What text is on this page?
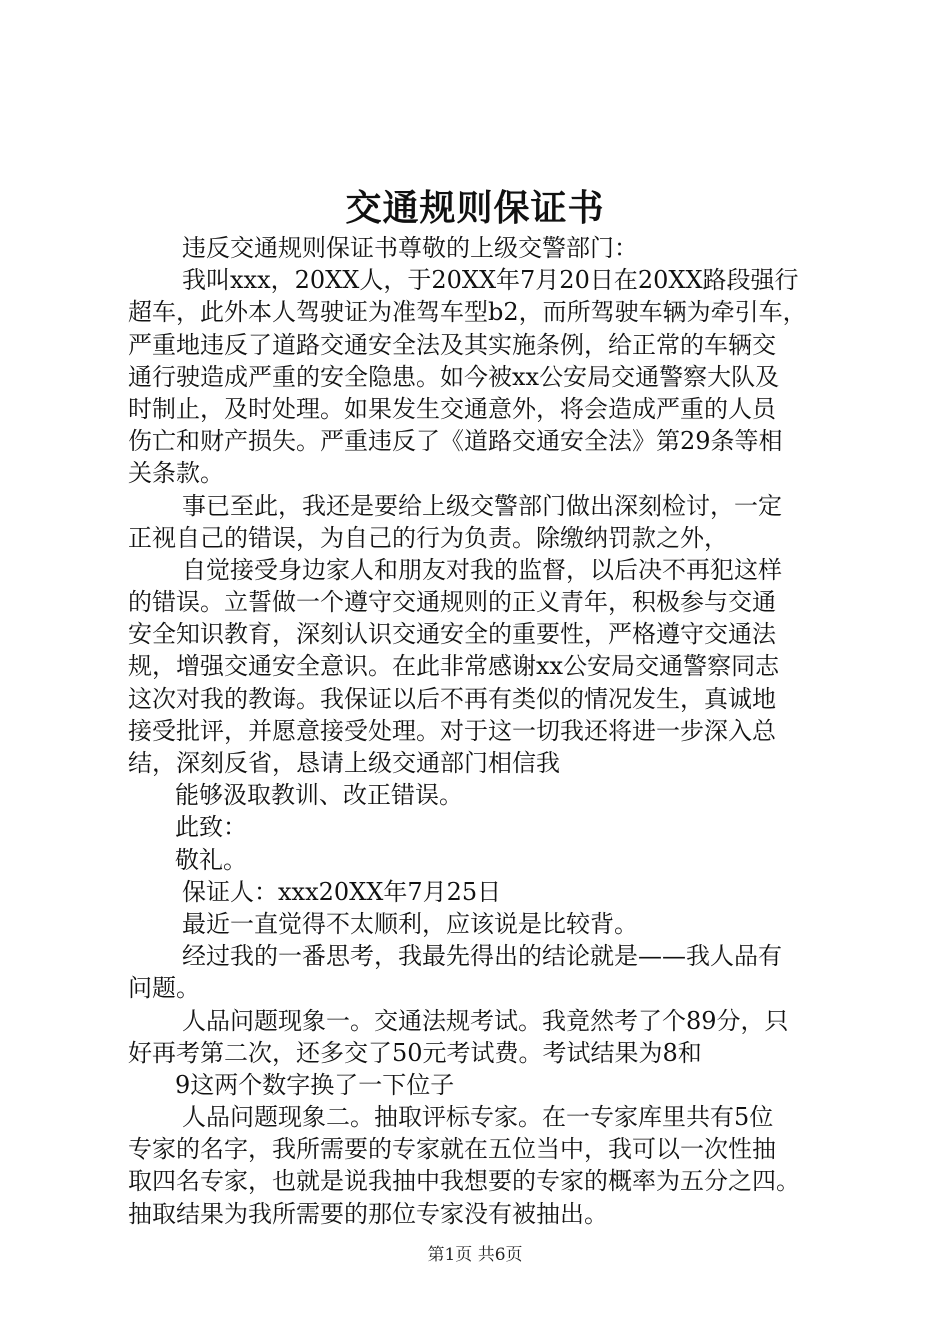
交通规则保证书
违反交通规则保证书尊敬的上级交警部门：
我叫xxx，20XX人，于20XX年7月20日在20XX路段强行
超车，此外本人驾驶证为准驾车型b2，而所驾驶车辆为牵引车，
严重地违反了道路交通安全法及其实施条例，给正常的车辆交
通行驶造成严重的安全隐患。如今被xx公安局交通警察大队及
时制止，及时处理。如果发生交通意外，将会造成严重的人员
伤亡和财产损失。严重违反了《道路交通安全法》第29条等相
关条款。
事已至此，我还是要给上级交警部门做出深刻检讨，一定
正视自己的错误，为自己的行为负责。除缴纳罚款之外，
自觉接受身边家人和朋友对我的监督，以后决不再犯这样
的错误。立誓做一个遵守交通规则的正义青年，积极参与交通
安全知识教育，深刻认识交通安全的重要性，严格遵守交通法
规，增强交通安全意识。在此非常感谢xx公安局交通警察同志
这次对我的教诲。我保证以后不再有类似的情况发生，真诚地
接受批评，并愿意接受处理。对于这一切我还将进一步深入总
结，深刻反省，恳请上级交通部门相信我
能够汲取教训、改正错误。
此致：
敬礼。
保证人：xxx20XX年7月25日
最近一直觉得不太顺利，应该说是比较背。
经过我的一番思考，我最先得出的结论就是——我人品有
问题。
人品问题现象一。交通法规考试。我竟然考了个89分，只
好再考第二次，还多交了50元考试费。考试结果为8和
9这两个数字换了一下位子
人品问题现象二。抽取评标专家。在一专家库里共有5位
专家的名字，我所需要的专家就在五位当中，我可以一次性抽
取四名专家，也就是说我抽中我想要的专家的概率为五分之四。
抽取结果为我所需要的那位专家没有被抽出。
第1页 共6页
